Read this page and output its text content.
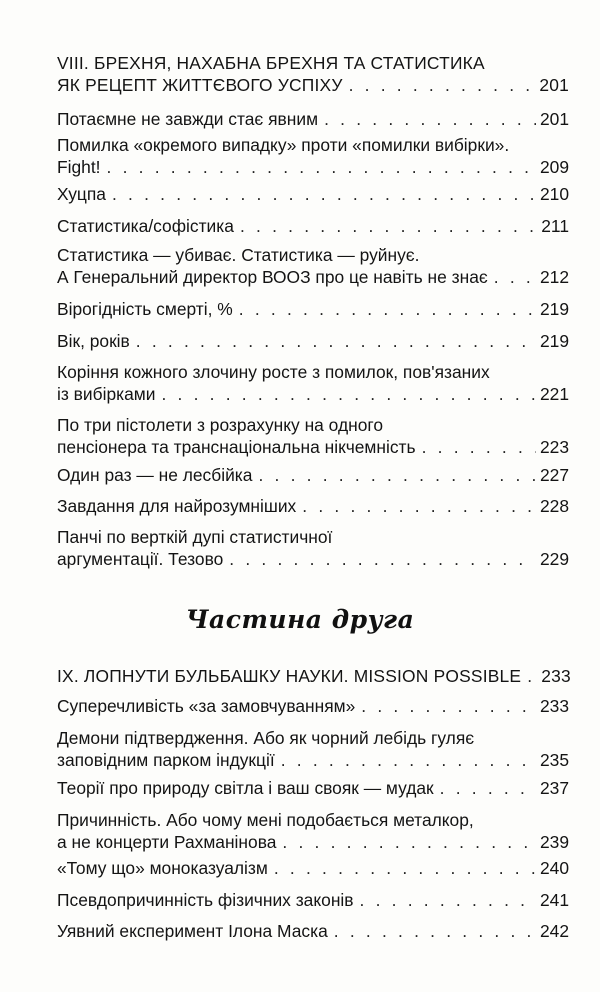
VIII. БРЕХНЯ, НАХАБНА БРЕХНЯ ТА СТАТИСТИКА
ЯК РЕЦЕПТ ЖИТТЄВОГО УСПІХУ . . .	201
Потаємне не завжди стає явним . . .	201
Помилка «окремого випадку» проти «помилки вибірки».
Fight! . . .	209
Хуцпа . . .	210
Статистика/софістика . . .	211
Статистика — убиває. Статистика — руйнує.
А Генеральний директор ВООЗ про це навіть не знає . . .	212
Вірогідність смерті, % . . .	219
Вік, років . . .	219
Коріння кожного злочину росте з помилок, пов'язаних
із вибірками . . .	221
По три пістолети з розрахунку на одного
пенсіонера та транснаціональна нікчемність . . .	223
Один раз — не лесбійка . . .	227
Завдання для найрозумніших . . .	228
Панчі по верткій дупі статистичної
аргументації. Тезово . . .	229
Частина друга
IX. ЛОПНУТИ БУЛЬБАШКУ НАУКИ. MISSION POSSIBLE . . . 233
Суперечливість «за замовчуванням» . . .	233
Демони підтвердження. Або як чорний лебідь гуляє
заповідним парком індукції . . .	235
Теорії про природу світла і ваш свояк — мудак . . .	237
Причинність. Або чому мені подобається металкор,
а не концерти Рахманінова . . .	239
«Тому що» моноказуалізм . . .	240
Псевдопричинність фізичних законів . . .	241
Уявний експеримент Ілона Маска . . .	242
